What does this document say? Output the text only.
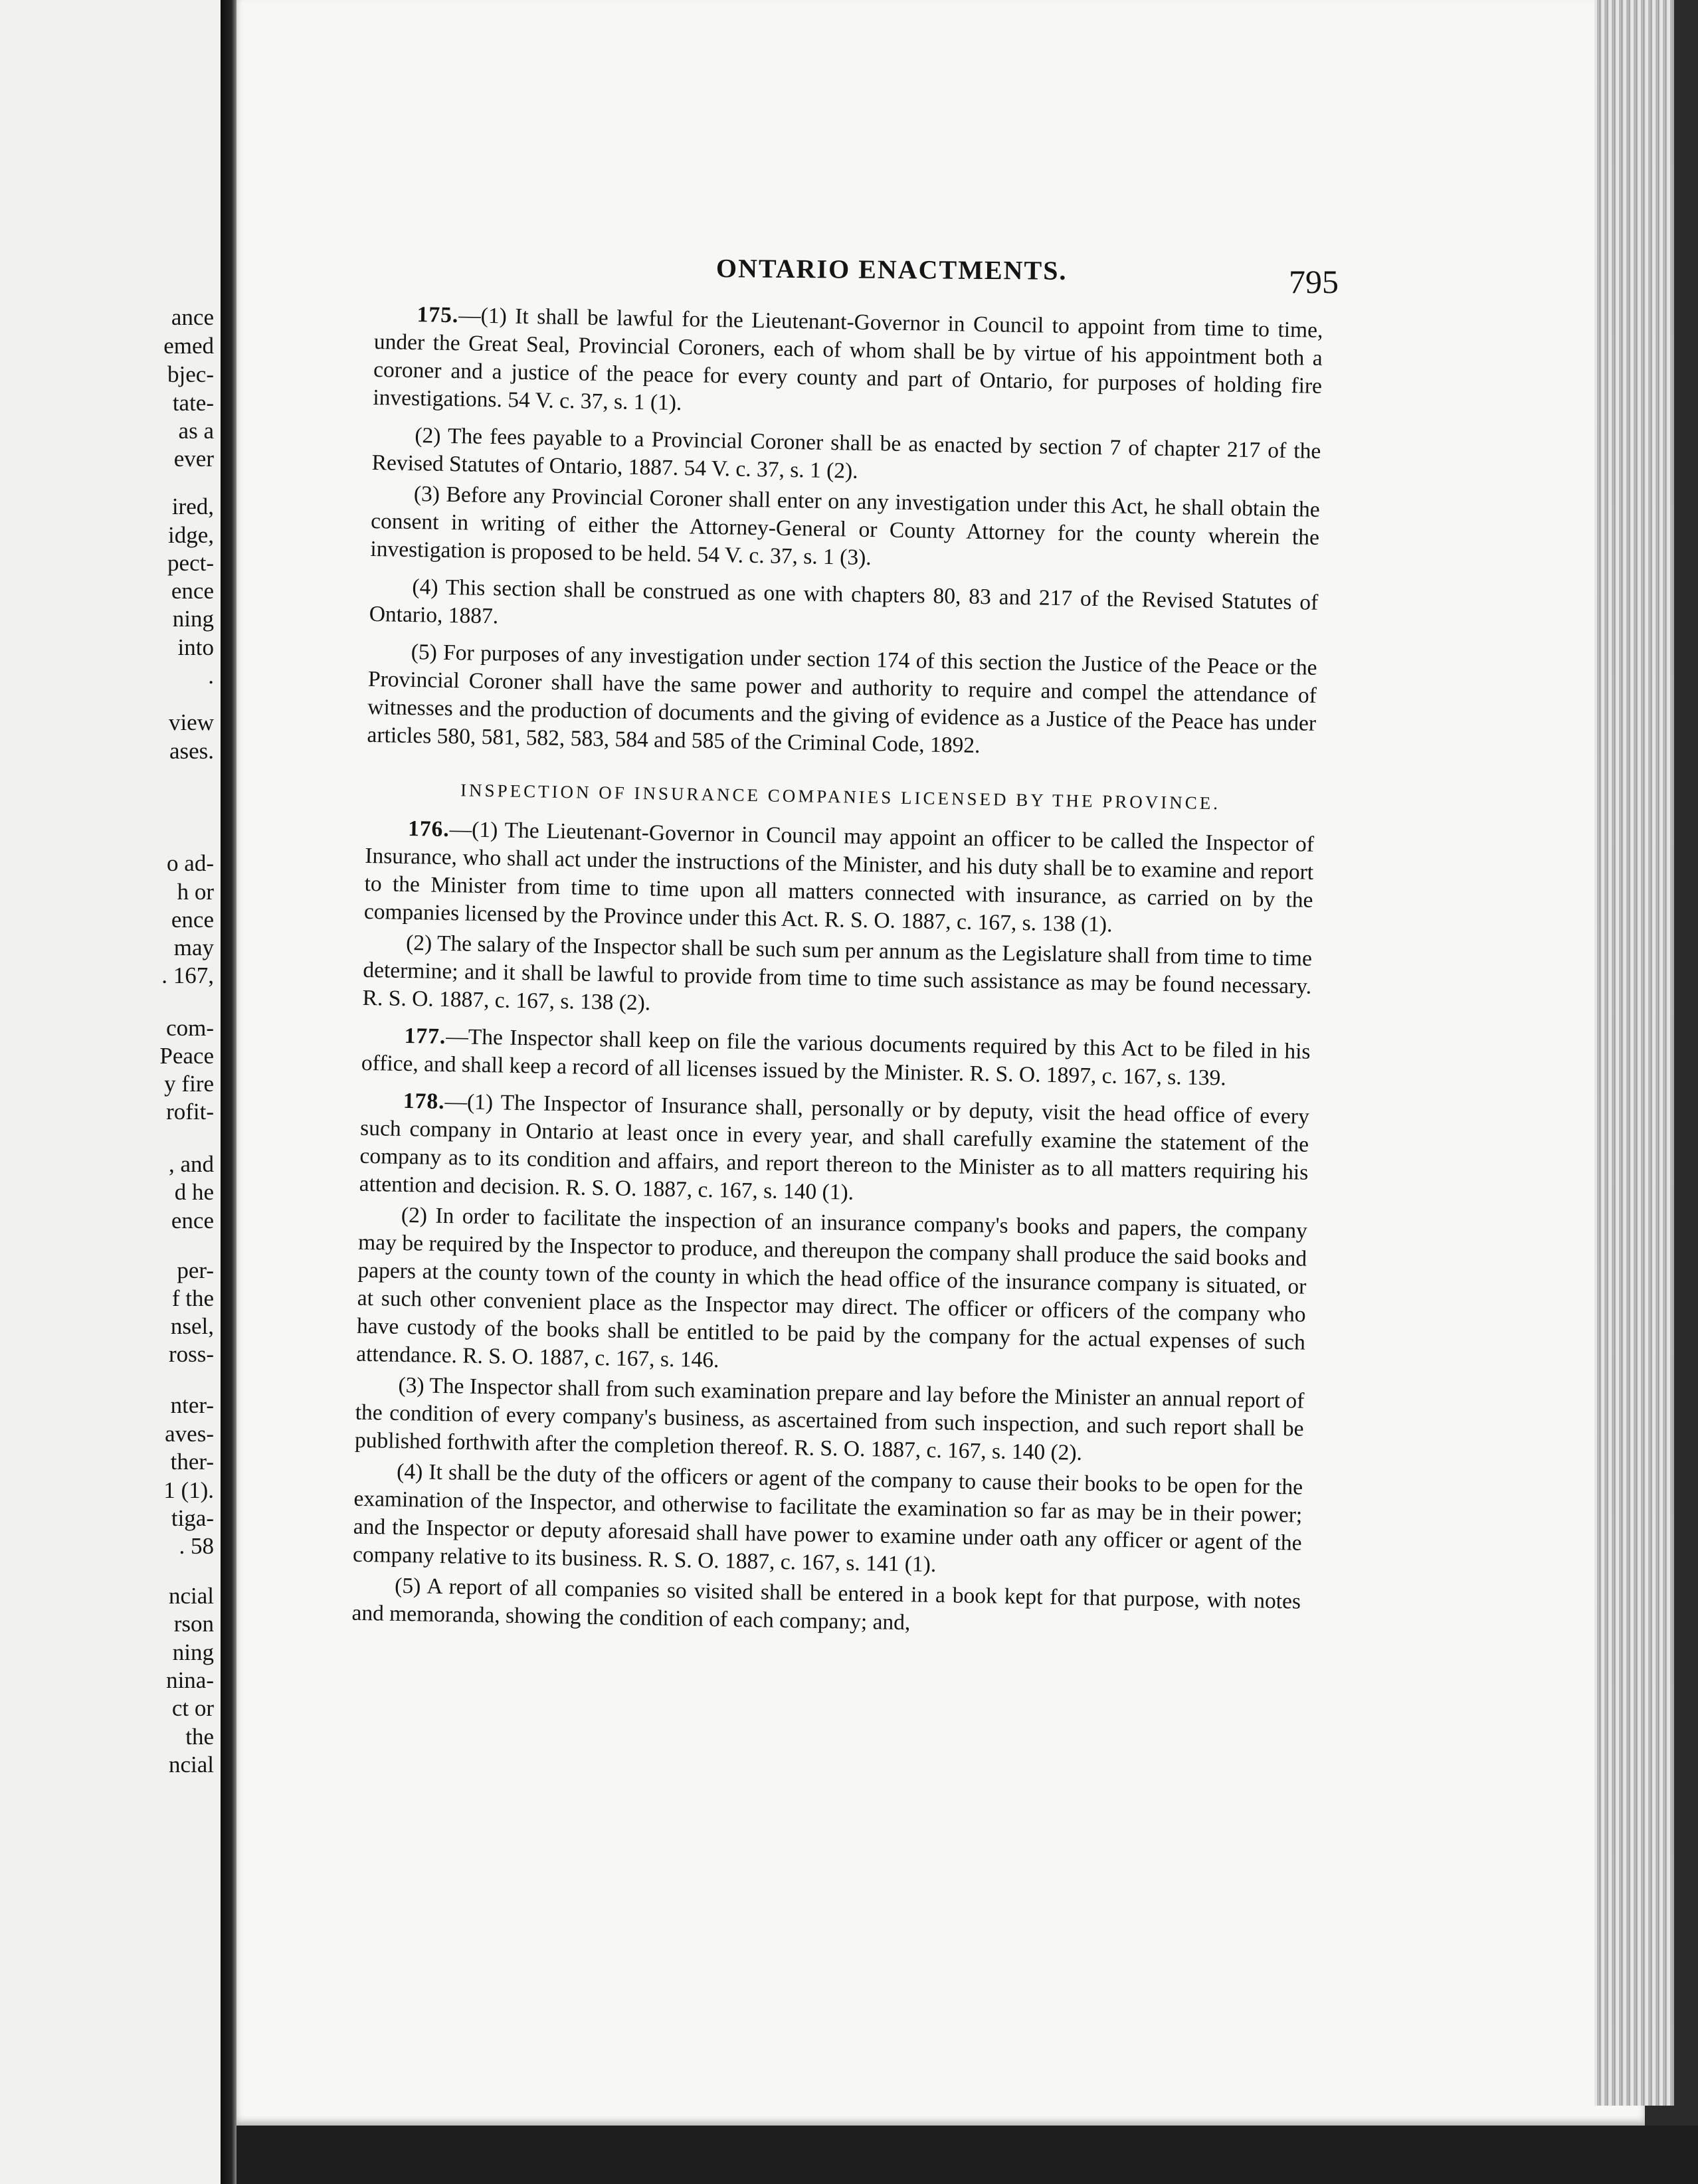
ance
emed
bjec-
tate-
as a
ever
ired,
idge,
pect-
ence
ning
into
.
view
ases.
o ad-
h or
ence
may
. 167,
com-
Peace
y fire
rofit-
, and
d he
ence
per-
f the
nsel,
ross-
nter-
aves-
ther-
1 (1).
tiga-
. 58
ncial
rson
ning
nina-
ct or
the
ncial
ONTARIO ENACTMENTS.	795

175.—(1) It shall be lawful for the Lieutenant-Governor in Council to appoint from time to time, under the Great Seal, Provincial Coroners, each of whom shall be by virtue of his appointment both a coroner and a justice of the peace for every county and part of Ontario, for purposes of holding fire investigations. 54 V. c. 37, s. 1 (1).

(2) The fees payable to a Provincial Coroner shall be as enacted by section 7 of chapter 217 of the Revised Statutes of Ontario, 1887. 54 V. c. 37, s. 1 (2).

(3) Before any Provincial Coroner shall enter on any investigation under this Act, he shall obtain the consent in writing of either the Attorney-General or County Attorney for the county wherein the investigation is proposed to be held. 54 V. c. 37, s. 1 (3).

(4) This section shall be construed as one with chapters 80, 83 and 217 of the Revised Statutes of Ontario, 1887.

(5) For purposes of any investigation under section 174 of this section the Justice of the Peace or the Provincial Coroner shall have the same power and authority to require and compel the attendance of witnesses and the production of documents and the giving of evidence as a Justice of the Peace has under articles 580, 581, 582, 583, 584 and 585 of the Criminal Code, 1892.

INSPECTION OF INSURANCE COMPANIES LICENSED BY THE PROVINCE.

176.—(1) The Lieutenant-Governor in Council may appoint an officer to be called the Inspector of Insurance, who shall act under the instructions of the Minister, and his duty shall be to examine and report to the Minister from time to time upon all matters connected with insurance, as carried on by the companies licensed by the Province under this Act. R. S. O. 1887, c. 167, s. 138 (1).

(2) The salary of the Inspector shall be such sum per annum as the Legislature shall from time to time determine; and it shall be lawful to provide from time to time such assistance as may be found necessary. R. S. O. 1887, c. 167, s. 138 (2).

177.—The Inspector shall keep on file the various documents required by this Act to be filed in his office, and shall keep a record of all licenses issued by the Minister. R. S. O. 1897, c. 167, s. 139.

178.—(1) The Inspector of Insurance shall, personally or by deputy, visit the head office of every such company in Ontario at least once in every year, and shall carefully examine the statement of the company as to its condition and affairs, and report thereon to the Minister as to all matters requiring his attention and decision. R. S. O. 1887, c. 167, s. 140 (1).

(2) In order to facilitate the inspection of an insurance company's books and papers, the company may be required by the Inspector to produce, and thereupon the company shall produce the said books and papers at the county town of the county in which the head office of the insurance company is situated, or at such other convenient place as the Inspector may direct. The officer or officers of the company who have custody of the books shall be entitled to be paid by the company for the actual expenses of such attendance. R. S. O. 1887, c. 167, s. 146.

(3) The Inspector shall from such examination prepare and lay before the Minister an annual report of the condition of every company's business, as ascertained from such inspection, and such report shall be published forthwith after the completion thereof. R. S. O. 1887, c. 167, s. 140 (2).

(4) It shall be the duty of the officers or agent of the company to cause their books to be open for the examination of the Inspector, and otherwise to facilitate the examination so far as may be in their power; and the Inspector or deputy aforesaid shall have power to examine under oath any officer or agent of the company relative to its business. R. S. O. 1887, c. 167, s. 141 (1).

(5) A report of all companies so visited shall be entered in a book kept for that purpose, with notes and memoranda, showing the condition of each company; and,
